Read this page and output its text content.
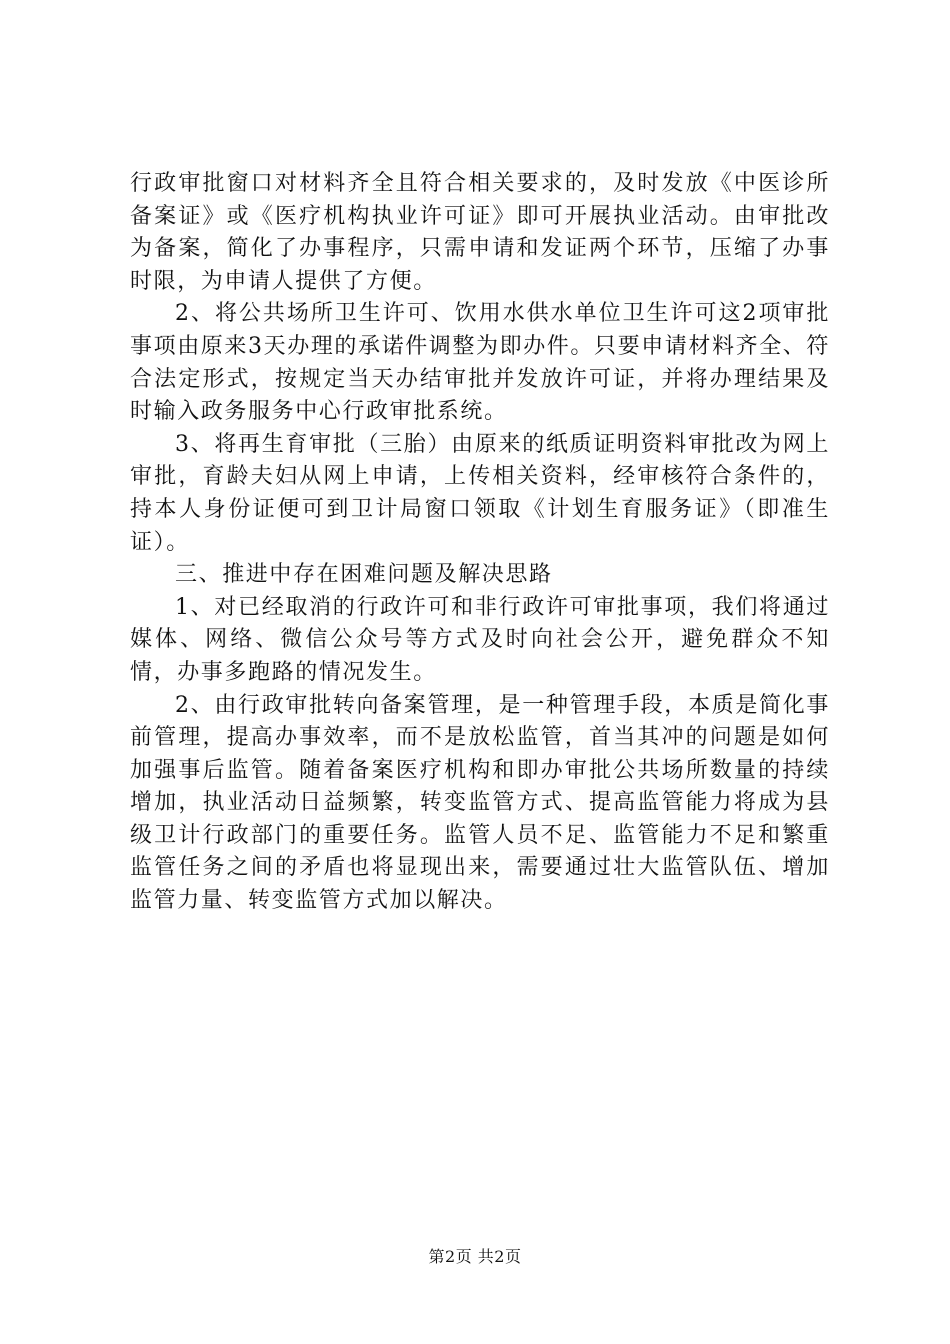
行政审批窗口对材料齐全且符合相关要求的，及时发放《中医诊所备案证》或《医疗机构执业许可证》即可开展执业活动。由审批改为备案，简化了办事程序，只需申请和发证两个环节，压缩了办事时限，为申请人提供了方便。

2、将公共场所卫生许可、饮用水供水单位卫生许可这2项审批事项由原来3天办理的承诺件调整为即办件。只要申请材料齐全、符合法定形式，按规定当天办结审批并发放许可证，并将办理结果及时输入政务服务中心行政审批系统。

3、将再生育审批（三胎）由原来的纸质证明资料审批改为网上审批，育龄夫妇从网上申请，上传相关资料，经审核符合条件的，持本人身份证便可到卫计局窗口领取《计划生育服务证》（即准生证）。

三、推进中存在困难问题及解决思路

1、对已经取消的行政许可和非行政许可审批事项，我们将通过媒体、网络、微信公众号等方式及时向社会公开，避免群众不知情，办事多跑路的情况发生。

2、由行政审批转向备案管理，是一种管理手段，本质是简化事前管理，提高办事效率，而不是放松监管，首当其冲的问题是如何加强事后监管。随着备案医疗机构和即办审批公共场所数量的持续增加，执业活动日益频繁，转变监管方式、提高监管能力将成为县级卫计行政部门的重要任务。监管人员不足、监管能力不足和繁重监管任务之间的矛盾也将显现出来，需要通过壮大监管队伍、增加监管力量、转变监管方式加以解决。

第2页 共2页
